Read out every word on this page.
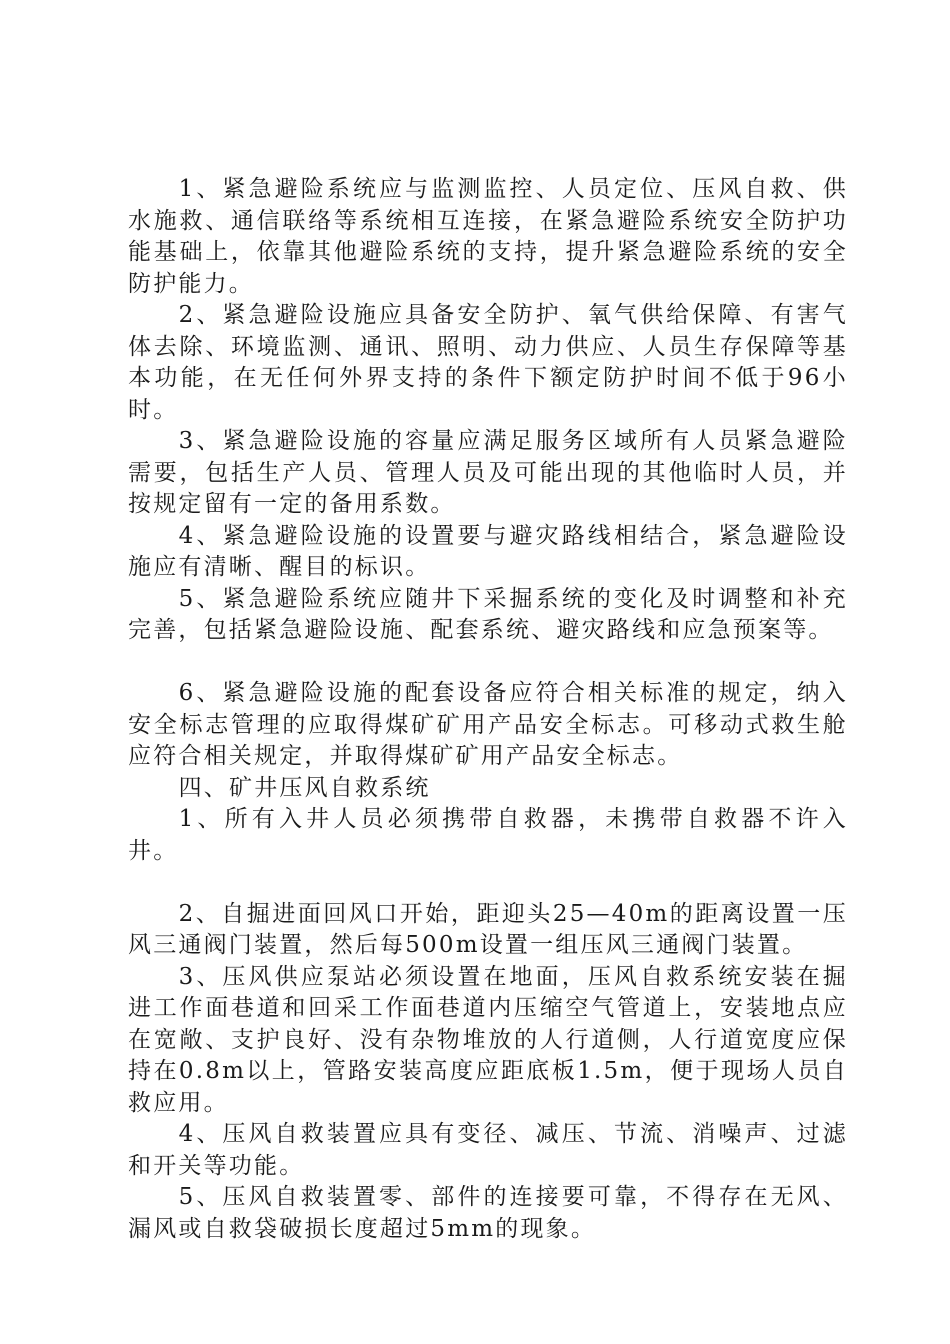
1、紧急避险系统应与监测监控、人员定位、压风自救、供水施救、通信联络等系统相互连接，在紧急避险系统安全防护功能基础上，依靠其他避险系统的支持，提升紧急避险系统的安全防护能力。

2、紧急避险设施应具备安全防护、氧气供给保障、有害气体去除、环境监测、通讯、照明、动力供应、人员生存保障等基本功能，在无任何外界支持的条件下额定防护时间不低于96小时。

3、紧急避险设施的容量应满足服务区域所有人员紧急避险需要，包括生产人员、管理人员及可能出现的其他临时人员，并按规定留有一定的备用系数。

4、紧急避险设施的设置要与避灾路线相结合，紧急避险设施应有清晰、醒目的标识。

5、紧急避险系统应随井下采掘系统的变化及时调整和补充完善，包括紧急避险设施、配套系统、避灾路线和应急预案等。

6、紧急避险设施的配套设备应符合相关标准的规定，纳入安全标志管理的应取得煤矿矿用产品安全标志。可移动式救生舱应符合相关规定，并取得煤矿矿用产品安全标志。

四、矿井压风自救系统

1、所有入井人员必须携带自救器，未携带自救器不许入井。

2、自掘进面回风口开始，距迎头25—40m的距离设置一压风三通阀门装置，然后每500m设置一组压风三通阀门装置。

3、压风供应泵站必须设置在地面，压风自救系统安装在掘进工作面巷道和回采工作面巷道内压缩空气管道上，安装地点应在宽敞、支护良好、没有杂物堆放的人行道侧，人行道宽度应保持在0.8m以上，管路安装高度应距底板1.5m，便于现场人员自救应用。

4、压风自救装置应具有变径、减压、节流、消噪声、过滤和开关等功能。

5、压风自救装置零、部件的连接要可靠，不得存在无风、漏风或自救袋破损长度超过5mm的现象。
